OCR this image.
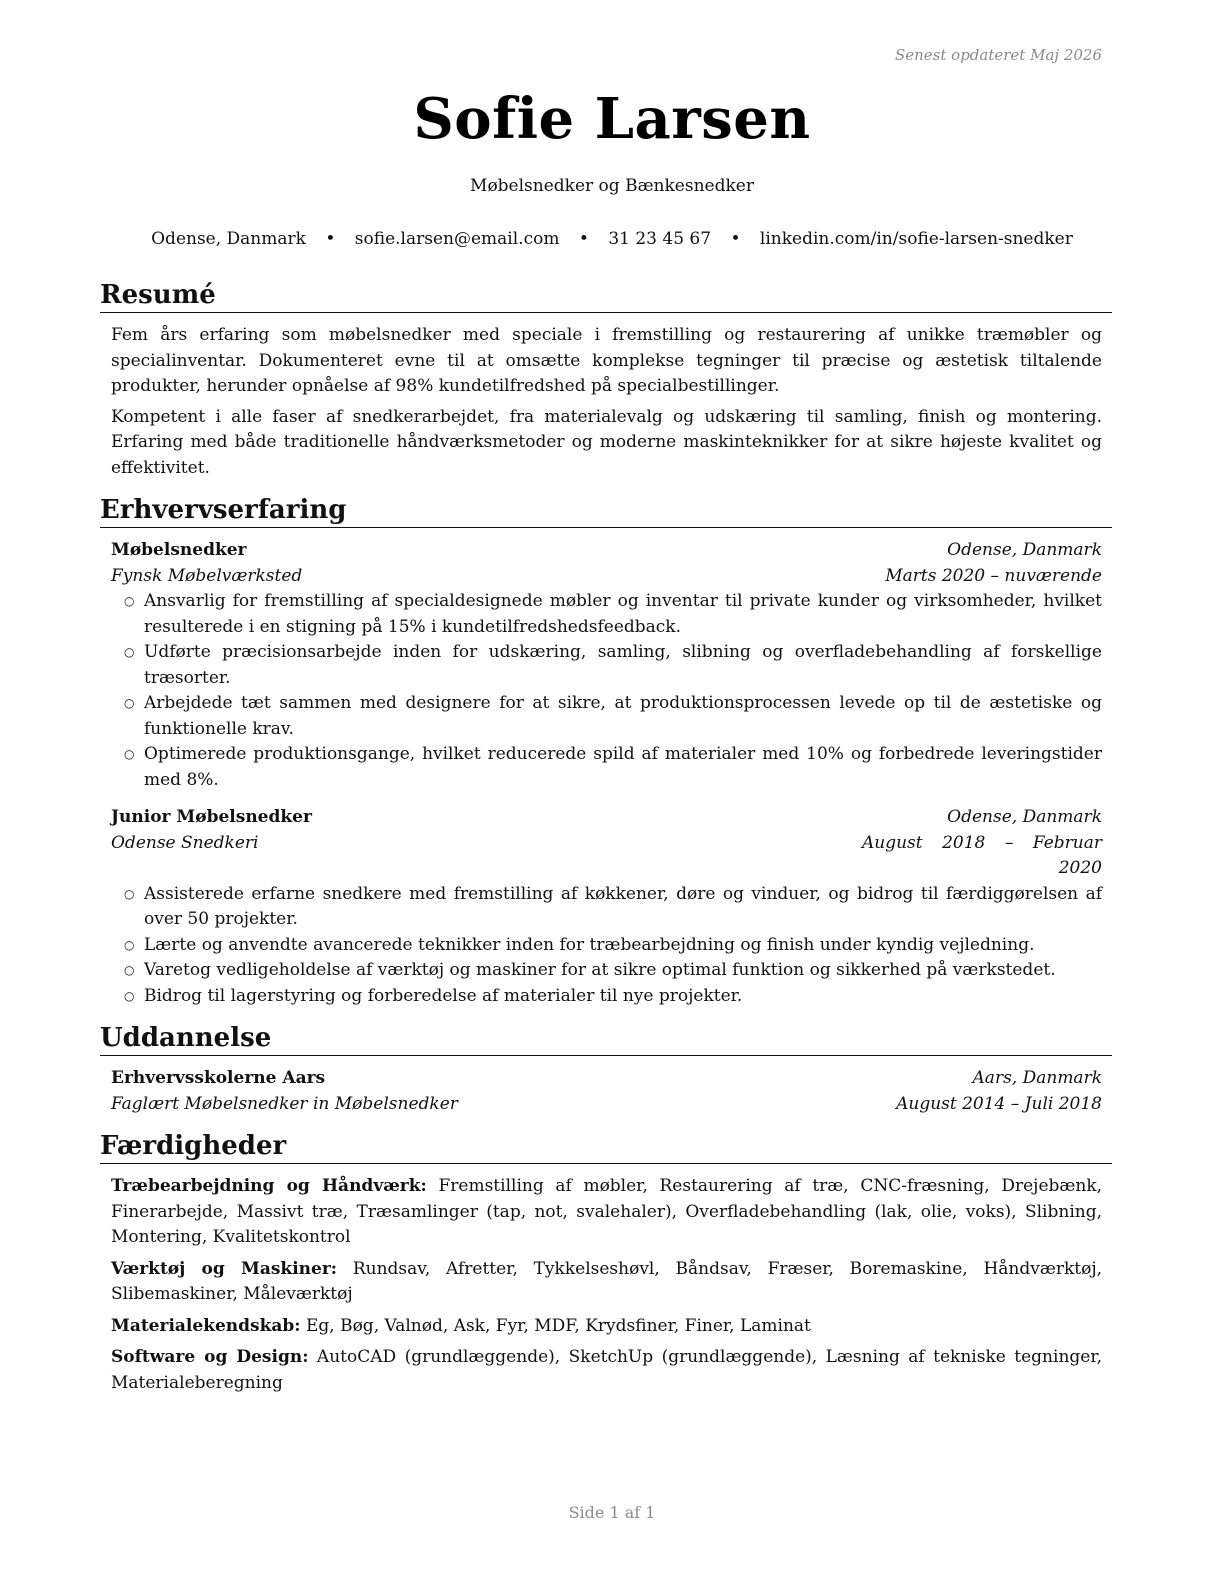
Senest opdateret Maj 2026
Sofie Larsen
Møbelsnedker og Bænkesnedker
Odense, Danmark • sofie.larsen@email.com • 31 23 45 67 • linkedin.com/in/sofie-larsen-snedker
Resumé

Fem års erfaring som møbelsnedker med speciale i fremstilling og restaurering af unikke træmøbler og specialinventar. Dokumenteret evne til at omsætte komplekse tegninger til præcise og æstetisk tiltalende produkter, herunder opnåelse af 98% kundetilfredshed på specialbestillinger.

Kompetent i alle faser af snedkerarbejdet, fra materialevalg og udskæring til samling, finish og montering. Erfaring med både traditionelle håndværksmetoder og moderne maskinteknikker for at sikre højeste kvalitet og effektivitet.

Erhvervserfaring
Møbelsnedker	Odense, Danmark
Fynsk Møbelværksted	Marts 2020 – nuværende
○ Ansvarlig for fremstilling af specialdesignede møbler og inventar til private kunder og virksomheder, hvilket resulterede i en stigning på 15% i kundetilfredshedsfeedback.
○ Udførte præcisionsarbejde inden for udskæring, samling, slibning og overfladebehandling af forskellige træsorter.
○ Arbejdede tæt sammen med designere for at sikre, at produktionsprocessen levede op til de æstetiske og funktionelle krav.
○ Optimerede produktionsgange, hvilket reducerede spild af materialer med 10% og forbedrede leveringstider med 8%.
Junior Møbelsnedker	Odense, Danmark
Odense Snedkeri	August 2018 – Februar 2020
○ Assisterede erfarne snedkere med fremstilling af køkkener, døre og vinduer, og bidrog til færdiggørelsen af over 50 projekter.
○ Lærte og anvendte avancerede teknikker inden for træbearbejdning og finish under kyndig vejledning.
○ Varetog vedligeholdelse af værktøj og maskiner for at sikre optimal funktion og sikkerhed på værkstedet.
○ Bidrog til lagerstyring og forberedelse af materialer til nye projekter.
Uddannelse
Erhvervsskolerne Aars	Aars, Danmark
Faglært Møbelsnedker in Møbelsnedker	August 2014 – Juli 2018
Færdigheder

Træbearbejdning og Håndværk: Fremstilling af møbler, Restaurering af træ, CNC-fræsning, Drejebænk, Finerarbejde, Massivt træ, Træsamlinger (tap, not, svalehaler), Overfladebehandling (lak, olie, voks), Slibning, Montering, Kvalitetskontrol

Værktøj og Maskiner: Rundsav, Afretter, Tykkelseshøvl, Båndsav, Fræser, Boremaskine, Håndværktøj, Slibemaskiner, Måleværktøj

Materialekendskab: Eg, Bøg, Valnød, Ask, Fyr, MDF, Krydsfiner, Finer, Laminat

Software og Design: AutoCAD (grundlæggende), SketchUp (grundlæggende), Læsning af tekniske tegninger, Materialeberegning

Side 1 af 1
